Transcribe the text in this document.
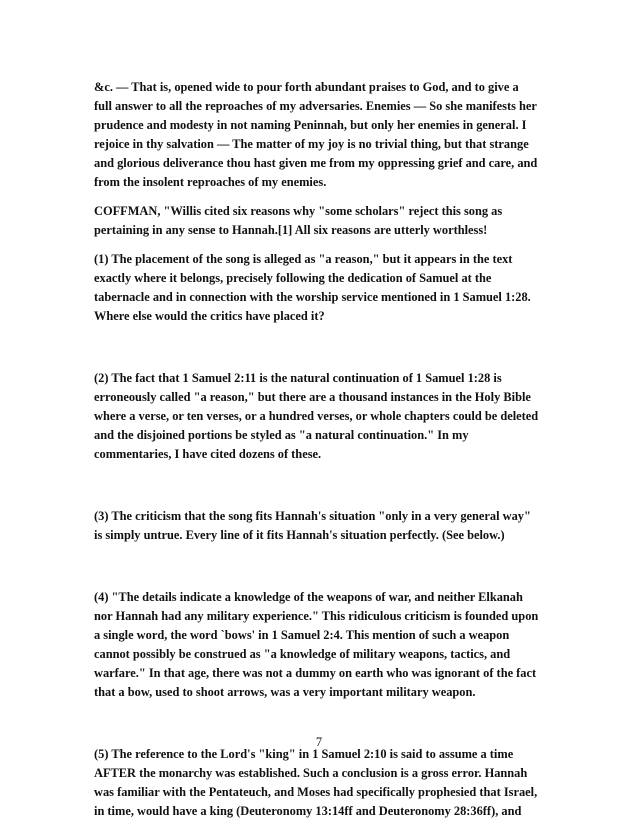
&c. — That is, opened wide to pour forth abundant praises to God, and to give a
full answer to all the reproaches of my adversaries. Enemies — So she manifests her
prudence and modesty in not naming Peninnah, but only her enemies in general. I
rejoice in thy salvation — The matter of my joy is no trivial thing, but that strange
and glorious deliverance thou hast given me from my oppressing grief and care, and
from the insolent reproaches of my enemies.

COFFMAN, "Willis cited six reasons why "some scholars" reject this song as
pertaining in any sense to Hannah.[1] All six reasons are utterly worthless!

(1) The placement of the song is alleged as "a reason," but it appears in the text
exactly where it belongs, precisely following the dedication of Samuel at the
tabernacle and in connection with the worship service mentioned in 1 Samuel 1:28.
Where else would the critics have placed it?

(2) The fact that 1 Samuel 2:11 is the natural continuation of 1 Samuel 1:28 is
erroneously called "a reason," but there are a thousand instances in the Holy Bible
where a verse, or ten verses, or a hundred verses, or whole chapters could be deleted
and the disjoined portions be styled as "a natural continuation." In my
commentaries, I have cited dozens of these.

(3) The criticism that the song fits Hannah's situation "only in a very general way"
is simply untrue. Every line of it fits Hannah's situation perfectly. (See below.)

(4) "The details indicate a knowledge of the weapons of war, and neither Elkanah
nor Hannah had any military experience." This ridiculous criticism is founded upon
a single word, the word `bows' in 1 Samuel 2:4. This mention of such a weapon
cannot possibly be construed as "a knowledge of military weapons, tactics, and
warfare." In that age, there was not a dummy on earth who was ignorant of the fact
that a bow, used to shoot arrows, was a very important military weapon.

(5) The reference to the Lord's "king" in 1 Samuel 2:10 is said to assume a time
AFTER the monarchy was established. Such a conclusion is a gross error. Hannah
was familiar with the Pentateuch, and Moses had specifically prophesied that Israel,
in time, would have a king (Deuteronomy 13:14ff and Deuteronomy 28:36ff), and

7
